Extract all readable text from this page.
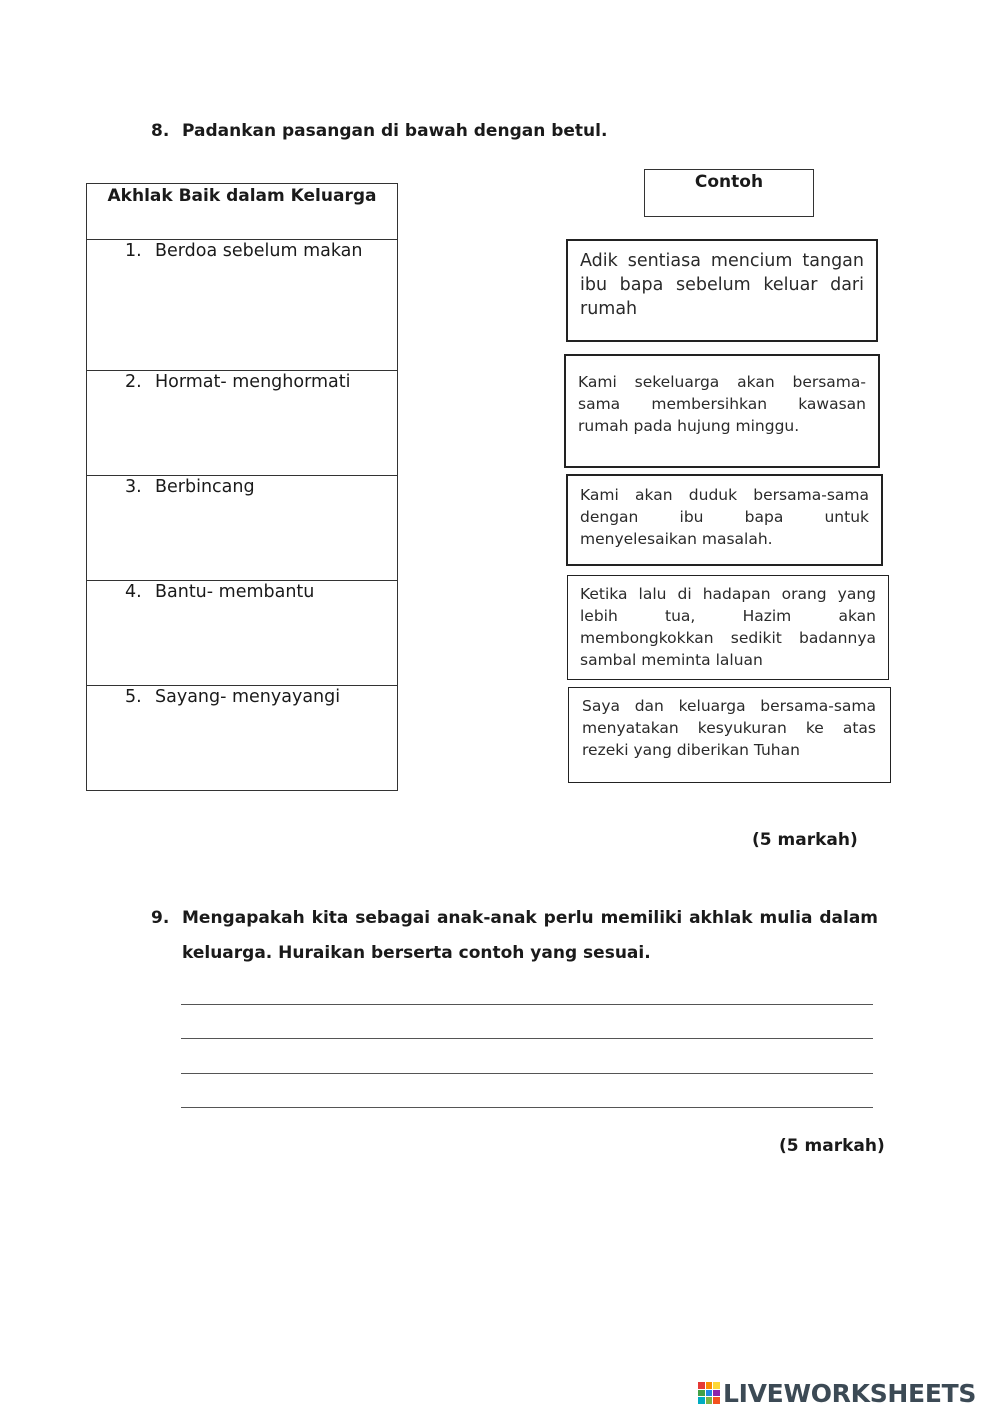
8. Padankan pasangan di bawah dengan betul.
Akhlak Baik dalam Keluarga
1. Berdoa sebelum makan
2. Hormat- menghormati
3. Berbincang
4. Bantu- membantu
5. Sayang- menyayangi
Contoh
Adik sentiasa mencium tangan ibu bapa sebelum keluar dari rumah
Kami sekeluarga akan bersama-sama membersihkan kawasan rumah pada hujung minggu.
Kami akan duduk bersama-sama dengan ibu bapa untuk menyelesaikan masalah.
Ketika lalu di hadapan orang yang lebih tua, Hazim akan membongkokkan sedikit badannya sambal meminta laluan
Saya dan keluarga bersama-sama menyatakan kesyukuran ke atas rezeki yang diberikan Tuhan
(5 markah)
9. Mengapakah kita sebagai anak-anak perlu memiliki akhlak mulia dalam
keluarga. Huraikan berserta contoh yang sesuai.
(5 markah)
LIVEWORKSHEETS
